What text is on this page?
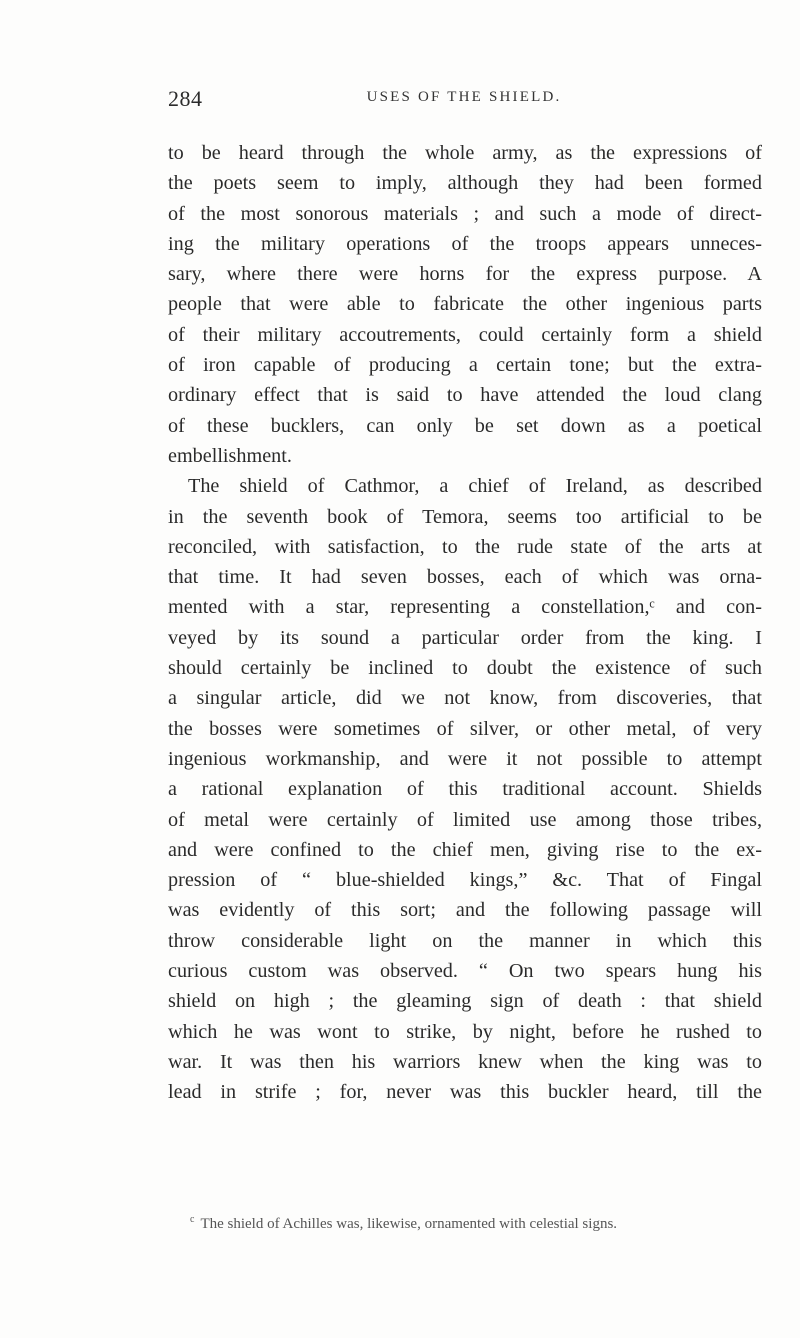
284	USES OF THE SHIELD.
to be heard through the whole army, as the expressions of
the poets seem to imply, although they had been formed
of the most sonorous materials ; and such a mode of direct-
ing the military operations of the troops appears unneces-
sary, where there were horns for the express purpose. A
people that were able to fabricate the other ingenious parts
of their military accoutrements, could certainly form a shield
of iron capable of producing a certain tone; but the extra-
ordinary effect that is said to have attended the loud clang
of these bucklers, can only be set down as a poetical
embellishment.
The shield of Cathmor, a chief of Ireland, as described
in the seventh book of Temora, seems too artificial to be
reconciled, with satisfaction, to the rude state of the arts at
that time. It had seven bosses, each of which was orna-
mented with a star, representing a constellation,ᶜ and con-
veyed by its sound a particular order from the king. I
should certainly be inclined to doubt the existence of such
a singular article, did we not know, from discoveries, that
the bosses were sometimes of silver, or other metal, of very
ingenious workmanship, and were it not possible to attempt
a rational explanation of this traditional account. Shields
of metal were certainly of limited use among those tribes,
and were confined to the chief men, giving rise to the ex-
pression of “ blue-shielded kings,” &c. That of Fingal
was evidently of this sort; and the following passage will
throw considerable light on the manner in which this
curious custom was observed. “ On two spears hung his
shield on high ; the gleaming sign of death : that shield
which he was wont to strike, by night, before he rushed to
war. It was then his warriors knew when the king was to
lead in strife ; for, never was this buckler heard, till the
$^c$ The shield of Achilles was, likewise, ornamented with celestial signs.
